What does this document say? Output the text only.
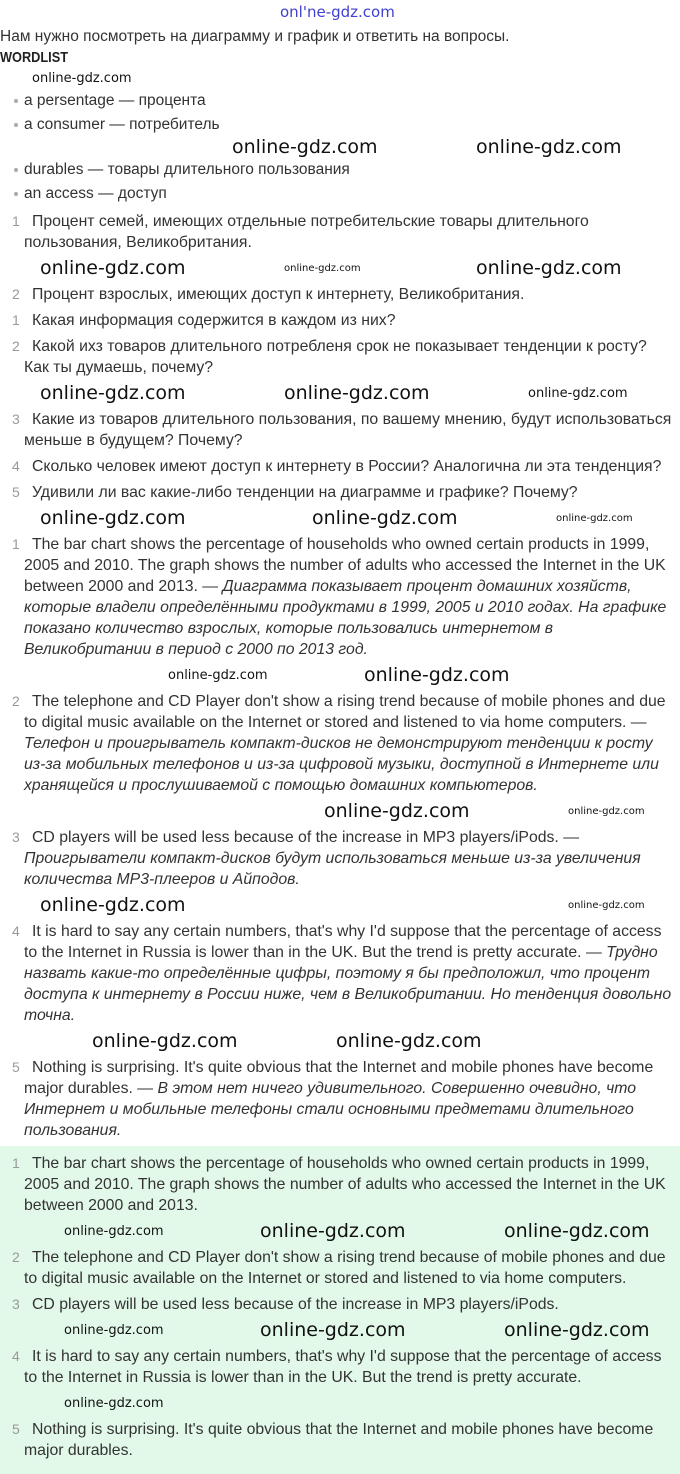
onl'ne-gdz.com
Нам нужно посмотреть на диаграмму и график и ответить на вопросы.
WORDLIST
online-gdz.com
a persentage — процента
a consumer — потребитель
online-gdz.com	online-gdz.com
durables — товары длительного пользования
an access — доступ
1 Процент семей, имеющих отдельные потребительские товары длительного пользования, Великобритания.
online-gdz.com	online-gdz.com	online-gdz.com
2 Процент взрослых, имеющих доступ к интернету, Великобритания.
1 Какая информация содержится в каждом из них?
2 Какой ихз товаров длительного потребленя срок не показывает тенденции к росту? Как ты думаешь, почему?
online-gdz.com	online-gdz.com	online-gdz.com
3 Какие из товаров длительного пользования, по вашему мнению, будут использоваться меньше в будущем? Почему?
4 Сколько человек имеют доступ к интернету в России? Аналогична ли эта тенденция?
5 Удивили ли вас какие-либо тенденции на диаграмме и графике? Почему?
online-gdz.com	online-gdz.com	online-gdz.com
1 The bar chart shows the percentage of households who owned certain products in 1999, 2005 and 2010. The graph shows the number of adults who accessed the Internet in the UK between 2000 and 2013. — Диаграмма показывает процент домашних хозяйств, которые владели определёнными продуктами в 1999, 2005 и 2010 годах. На графике показано количество взрослых, которые пользовались интернетом в Великобритании в период с 2000 по 2013 год.
online-gdz.com	online-gdz.com
2 The telephone and CD Player don't show a rising trend because of mobile phones and due to digital music available on the Internet or stored and listened to via home computers. — Телефон и проигрыватель компакт-дисков не демонстрируют тенденции к росту из-за мобильных телефонов и из-за цифровой музыки, доступной в Интернете или хранящейся и прослушиваемой с помощью домашних компьютеров.
online-gdz.com	online-gdz.com
3 CD players will be used less because of the increase in MP3 players/iPods. — Проигрыватели компакт-дисков будут использоваться меньше из-за увеличения количества MP3-плееров и Айподов.
online-gdz.com	online-gdz.com
4 It is hard to say any certain numbers, that's why I'd suppose that the percentage of access to the Internet in Russia is lower than in the UK. But the trend is pretty accurate. — Трудно назвать какие-то определённые цифры, поэтому я бы предположил, что процент доступа к интернету в России ниже, чем в Великобритании. Но тенденция довольно точна.
online-gdz.com	online-gdz.com
5 Nothing is surprising. It's quite obvious that the Internet and mobile phones have become major durables. — В этом нет ничего удивительного. Совершенно очевидно, что Интернет и мобильные телефоны стали основными предметами длительного пользования.
1 The bar chart shows the percentage of households who owned certain products in 1999, 2005 and 2010. The graph shows the number of adults who accessed the Internet in the UK between 2000 and 2013.
online-gdz.com	online-gdz.com	online-gdz.com
2 The telephone and CD Player don't show a rising trend because of mobile phones and due to digital music available on the Internet or stored and listened to via home computers.
3 CD players will be used less because of the increase in MP3 players/iPods.
online-gdz.com	online-gdz.com	online-gdz.com
4 It is hard to say any certain numbers, that's why I'd suppose that the percentage of access to the Internet in Russia is lower than in the UK. But the trend is pretty accurate.
online-gdz.com
5 Nothing is surprising. It's quite obvious that the Internet and mobile phones have become major durables.
